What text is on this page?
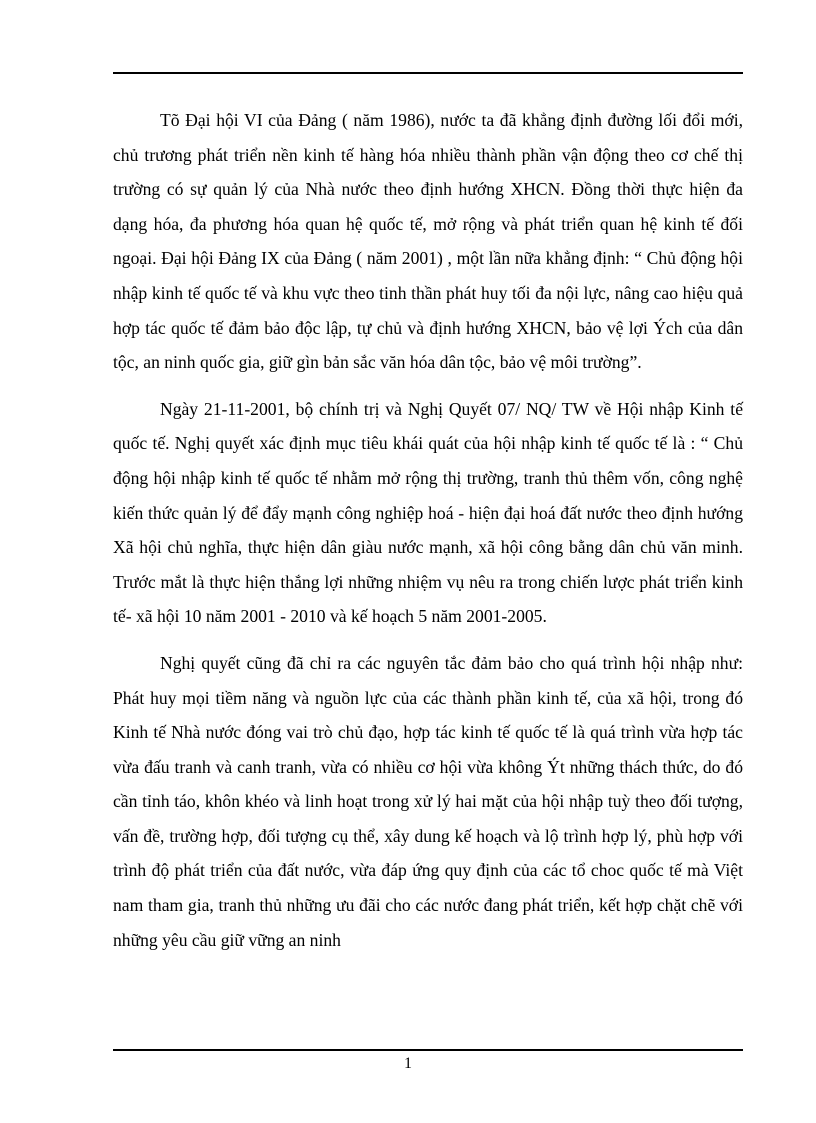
Tõ Đại hội VI của Đảng ( năm 1986), nước ta đã khẳng định đường lối đổi mới, chủ trương phát triển nền kinh tế hàng hóa nhiều thành phần vận động theo cơ chế thị trường có sự quản lý của Nhà nước theo định hướng XHCN. Đồng thời thực hiện đa dạng hóa, đa phương hóa quan hệ quốc tế, mở rộng và phát triển quan hệ kinh tế đối ngoại. Đại hội Đảng IX của Đảng ( năm 2001) , một lần nữa khẳng định: “ Chủ động hội nhập kinh tế quốc tế và khu vực theo tinh thần phát huy tối đa nội lực, nâng cao hiệu quả hợp tác quốc tế đảm bảo độc lập, tự chủ và định hướng XHCN, bảo vệ lợi Ých của dân tộc, an ninh quốc gia, giữ gìn bản sắc văn hóa dân tộc, bảo vệ môi trường”.

Ngày 21-11-2001, bộ chính trị và Nghị Quyết 07/ NQ/ TW về Hội nhập Kinh tế quốc tế. Nghị quyết xác định mục tiêu khái quát của hội nhập kinh tế quốc tế là : “ Chủ động hội nhập kinh tế quốc tế nhằm mở rộng thị trường, tranh thủ thêm vốn, công nghệ kiến thức quản lý để đẩy mạnh công nghiệp hoá - hiện đại hoá đất nước theo định hướng Xã hội chủ nghĩa, thực hiện dân giàu nước mạnh, xã hội công bằng dân chủ văn minh. Trước mắt là thực hiện thắng lợi những nhiệm vụ nêu ra trong chiến lược phát triển kinh tế- xã hội 10 năm 2001 - 2010 và kế hoạch 5 năm 2001-2005.

Nghị quyết cũng đã chỉ ra các nguyên tắc đảm bảo cho quá trình hội nhập như: Phát huy mọi tiềm năng và nguồn lực của các thành phần kinh tế, của xã hội, trong đó Kinh tế Nhà nước đóng vai trò chủ đạo, hợp tác kinh tế quốc tế là quá trình vừa hợp tác vừa đấu tranh và canh tranh, vừa có nhiều cơ hội vừa không Ýt những thách thức, do đó cần tỉnh táo, khôn khéo và linh hoạt trong xử lý hai mặt của hội nhập tuỳ theo đối tượng, vấn đề, trường hợp, đối tượng cụ thể, xây dung kế hoạch và lộ trình hợp lý, phù hợp với trình độ phát triển của đất nước, vừa đáp ứng quy định của các tổ choc quốc tế mà Việt nam tham gia, tranh thủ những ưu đãi cho các nước đang phát triển, kết hợp chặt chẽ với những yêu cầu giữ vững an ninh

1
